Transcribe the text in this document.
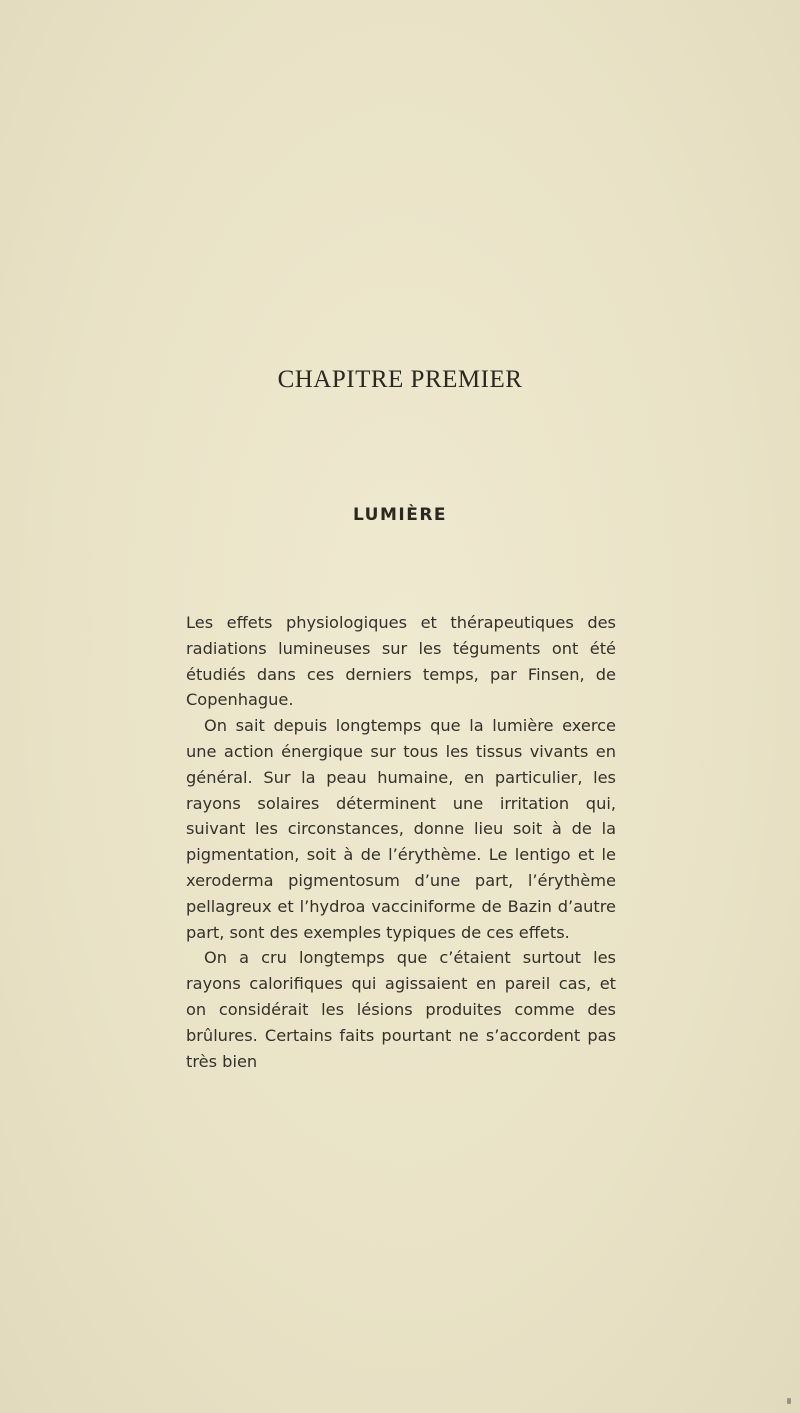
CHAPITRE PREMIER
LUMIÈRE

Les effets physiologiques et thérapeutiques des radiations lumineuses sur les téguments ont été étudiés dans ces derniers temps, par Finsen, de Copenhague.

On sait depuis longtemps que la lumière exerce une action énergique sur tous les tissus vivants en général. Sur la peau humaine, en particulier, les rayons solaires déterminent une irritation qui, suivant les circonstances, donne lieu soit à de la pigmentation, soit à de l’érythème. Le lentigo et le xeroderma pigmentosum d’une part, l’érythème pellagreux et l’hydroa vacciniforme de Bazin d’autre part, sont des exemples typiques de ces effets.

On a cru longtemps que c’étaient surtout les rayons calorifiques qui agissaient en pareil cas, et on considérait les lésions produites comme des brûlures. Certains faits pourtant ne s’accordent pas très bien
